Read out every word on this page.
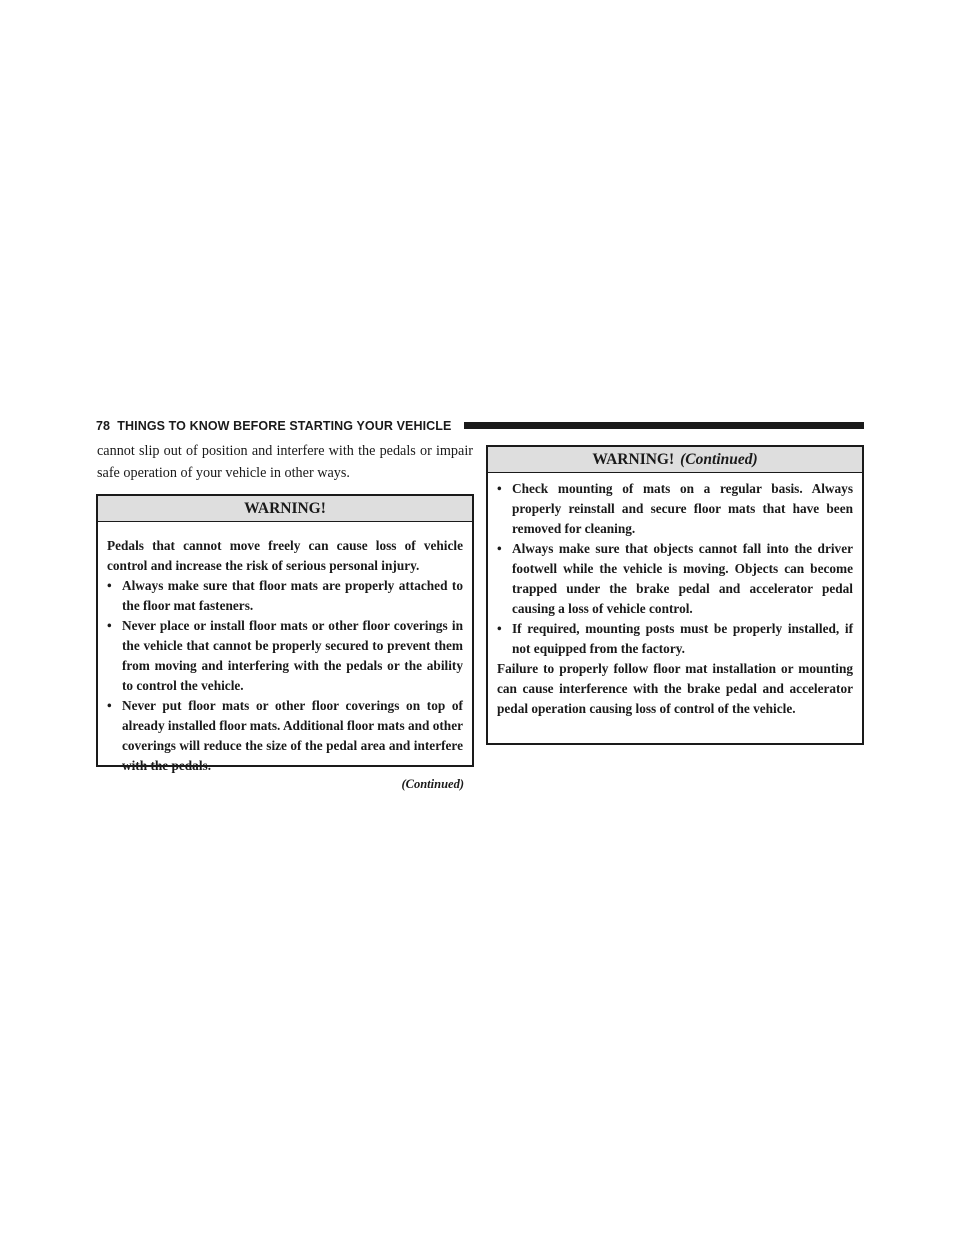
78 THINGS TO KNOW BEFORE STARTING YOUR VEHICLE

cannot slip out of position and interfere with the pedals or impair safe operation of your vehicle in other ways.

WARNING!

Pedals that cannot move freely can cause loss of vehicle control and increase the risk of serious personal injury.

• Always make sure that floor mats are properly attached to the floor mat fasteners.
• Never place or install floor mats or other floor coverings in the vehicle that cannot be properly secured to prevent them from moving and interfering with the pedals or the ability to control the vehicle.
• Never put floor mats or other floor coverings on top of already installed floor mats. Additional floor mats and other coverings will reduce the size of the pedal area and interfere with the pedals.
(Continued)
WARNING! (Continued)
• Check mounting of mats on a regular basis. Always properly reinstall and secure floor mats that have been removed for cleaning.
• Always make sure that objects cannot fall into the driver footwell while the vehicle is moving. Objects can become trapped under the brake pedal and accelerator pedal causing a loss of vehicle control.
• If required, mounting posts must be properly installed, if not equipped from the factory.

Failure to properly follow floor mat installation or mounting can cause interference with the brake pedal and accelerator pedal operation causing loss of control of the vehicle.
